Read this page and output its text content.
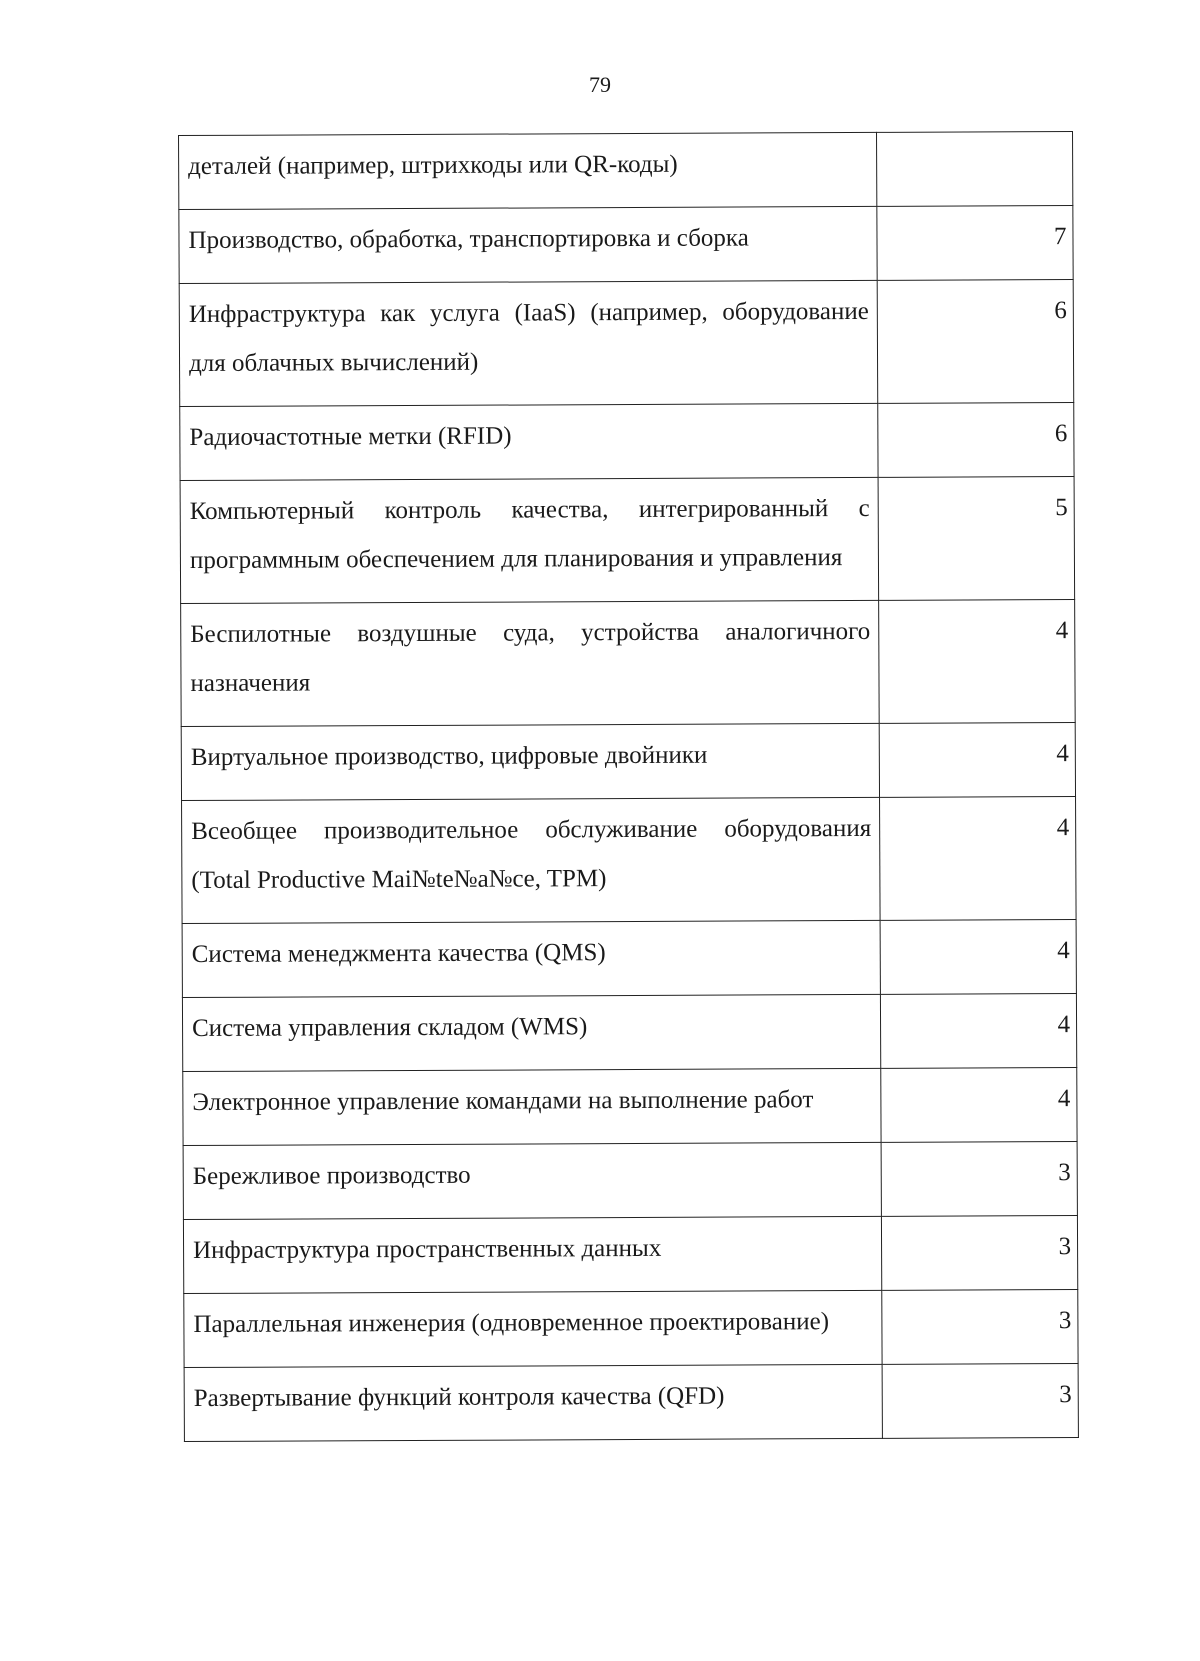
79
деталей (например, штрихкоды или QR-коды)	
Производство, обработка, транспортировка и сборка	7
Инфраструктура как услуга (IaaS) (например, оборудование для облачных вычислений)	6
Радиочастотные метки (RFID)	6
Компьютерный контроль качества, интегрированный с программным обеспечением для планирования и управления	5
Беспилотные воздушные суда, устройства аналогичного назначения	4
Виртуальное производство, цифровые двойники	4
Всеобщее производительное обслуживание оборудования (Total Productive Mai№te№a№ce, TPM)	4
Система менеджмента качества (QMS)	4
Система управления складом (WMS)	4
Электронное управление командами на выполнение работ	4
Бережливое производство	3
Инфраструктура пространственных данных	3
Параллельная инженерия (одновременное проектирование)	3
Развертывание функций контроля качества (QFD)	3
